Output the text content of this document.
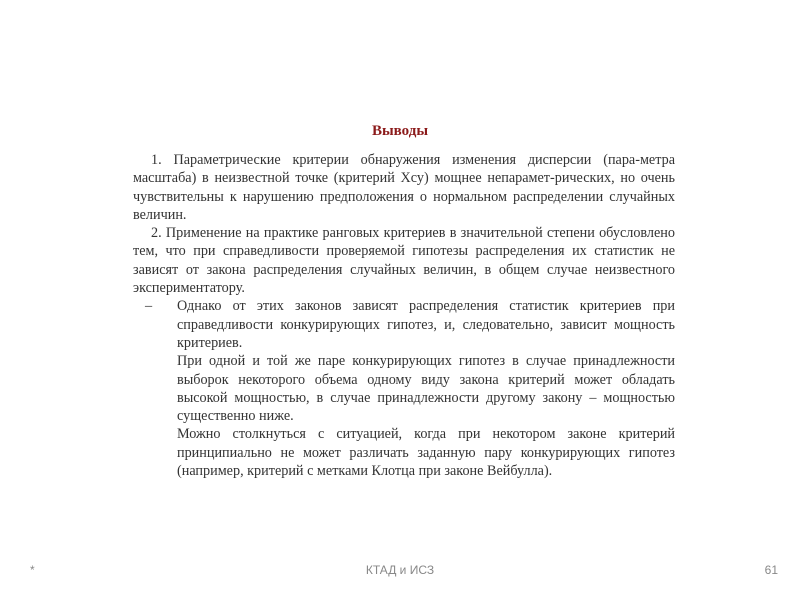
Выводы

1. Параметрические критерии обнаружения изменения дисперсии (пара-метра масштаба) в неизвестной точке (критерий Хсу) мощнее непарамет-рических, но очень чувствительны к нарушению предположения о нормальном распределении случайных величин.

2. Применение на практике ранговых критериев в значительной степени обусловлено тем, что при справедливости проверяемой гипотезы распределения их статистик не зависят от закона распределения случайных величин, в общем случае неизвестного экспериментатору.

– Однако от этих законов зависят распределения статистик критериев при справедливости конкурирующих гипотез, и, следовательно, зависит мощность критериев.

При одной и той же паре конкурирующих гипотез в случае принадлежности выборок некоторого объема одному виду закона критерий может обладать высокой мощностью, в случае принадлежности другому закону – мощностью существенно ниже.

Можно столкнуться с ситуацией, когда при некотором законе критерий принципиально не может различать заданную пару конкурирующих гипотез (например, критерий с метками Клотца при законе Вейбулла).

*	КТАД и ИСЗ	61
